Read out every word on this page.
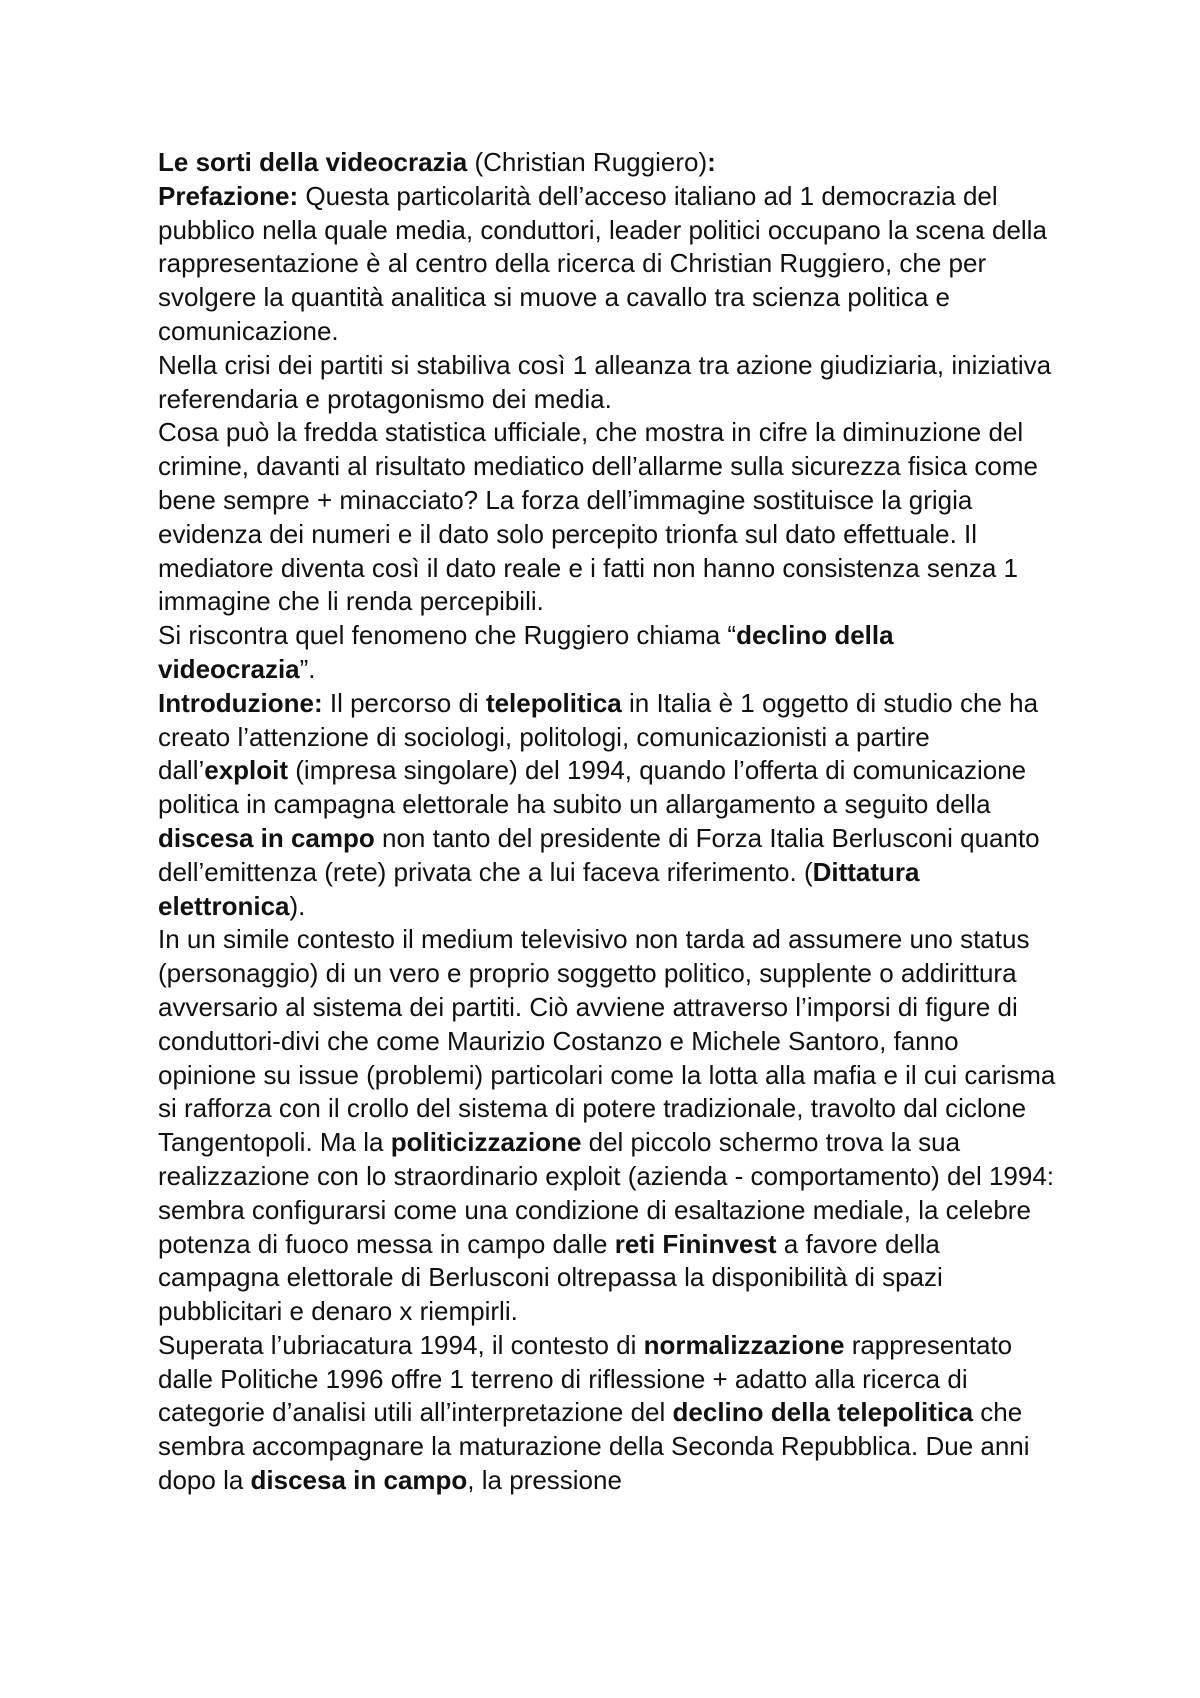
Le sorti della videocrazia (Christian Ruggiero):

Prefazione: Questa particolarità dell’acceso italiano ad 1 democrazia del pubblico nella quale media, conduttori, leader politici occupano la scena della rappresentazione è al centro della ricerca di Christian Ruggiero, che per svolgere la quantità analitica si muove a cavallo tra scienza politica e comunicazione.

Nella crisi dei partiti si stabiliva così 1 alleanza tra azione giudiziaria, iniziativa referendaria e protagonismo dei media.

Cosa può la fredda statistica ufficiale, che mostra in cifre la diminuzione del crimine, davanti al risultato mediatico dell’allarme sulla sicurezza fisica come bene sempre + minacciato? La forza dell’immagine sostituisce la grigia evidenza dei numeri e il dato solo percepito trionfa sul dato effettuale. Il mediatore diventa così il dato reale e i fatti non hanno consistenza senza 1 immagine che li renda percepibili.

Si riscontra quel fenomeno che Ruggiero chiama “declino della videocrazia”.

Introduzione: Il percorso di telepolitica in Italia è 1 oggetto di studio che ha creato l’attenzione di sociologi, politologi, comunicazionisti a partire dall’exploit (impresa singolare) del 1994, quando l’offerta di comunicazione politica in campagna elettorale ha subito un allargamento a seguito della discesa in campo non tanto del presidente di Forza Italia Berlusconi quanto dell’emittenza (rete) privata che a lui faceva riferimento. (Dittatura elettronica).

In un simile contesto il medium televisivo non tarda ad assumere uno status (personaggio) di un vero e proprio soggetto politico, supplente o addirittura avversario al sistema dei partiti. Ciò avviene attraverso l’imporsi di figure di conduttori-divi che come Maurizio Costanzo e Michele Santoro, fanno opinione su issue (problemi) particolari come la lotta alla mafia e il cui carisma si rafforza con il crollo del sistema di potere tradizionale, travolto dal ciclone Tangentopoli. Ma la politicizzazione del piccolo schermo trova la sua realizzazione con lo straordinario exploit (azienda - comportamento) del 1994: sembra configurarsi come una condizione di esaltazione mediale, la celebre potenza di fuoco messa in campo dalle reti Fininvest a favore della campagna elettorale di Berlusconi oltrepassa la disponibilità di spazi pubblicitari e denaro x riempirli.

Superata l’ubriacatura 1994, il contesto di normalizzazione rappresentato dalle Politiche 1996 offre 1 terreno di riflessione + adatto alla ricerca di categorie d’analisi utili all’interpretazione del declino della telepolitica che sembra accompagnare la maturazione della Seconda Repubblica. Due anni dopo la discesa in campo, la pressione
